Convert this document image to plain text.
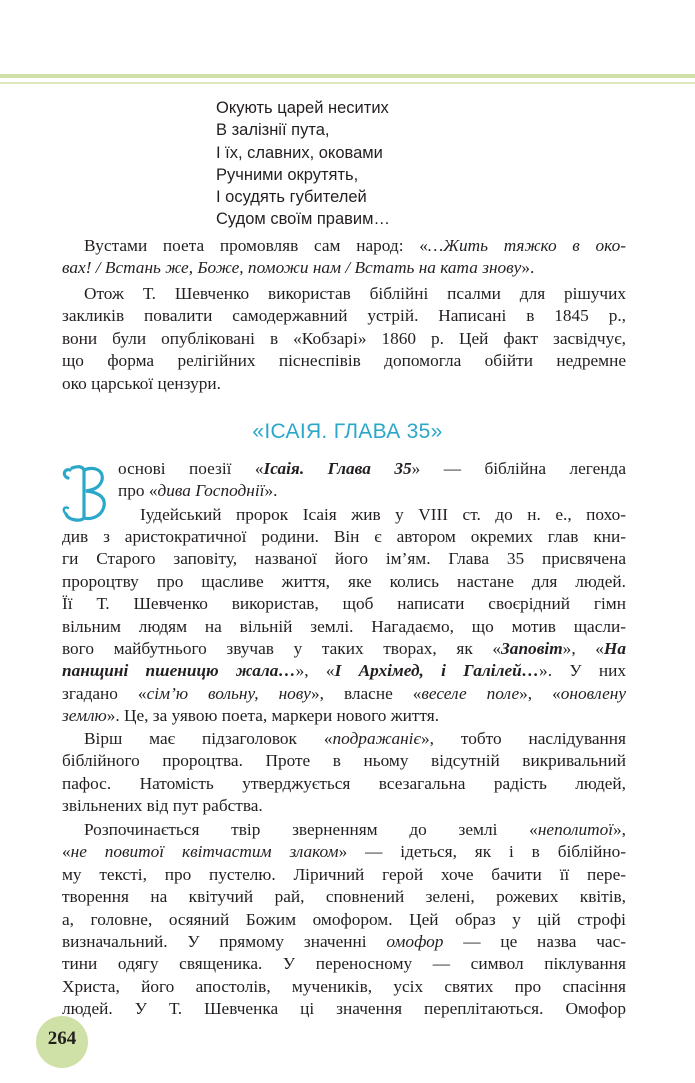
Окують царей неситих
В залізнії пута,
І їх, славних, оковами
Ручними окрутять,
І осудять губителей
Судом своїм правим…
Вустами поета промовляв сам народ: «…Жить тяжко в око-
вах! / Встань же, Боже, поможи нам / Встать на ката знову».
Отож Т. Шевченко використав біблійні псалми для рішучих
закликів повалити самодержавний устрій. Написані в 1845 р.,
вони були опубліковані в «Кобзарі» 1860 р. Цей факт засвідчує,
що форма релігійних піснеспівів допомогла обійти недремне
око царської цензури.
«ІСАІЯ. ГЛАВА 35»
В	основі поезії «Ісаія. Глава 35» — біблійна легенда
про «дива Господнії».
Іудейський пророк Ісаія жив у VIII ст. до н. е., похо-
див з аристократичної родини. Він є автором окремих глав кни-
ги Старого заповіту, названої його ім’ям. Глава 35 присвячена
пророцтву про щасливе життя, яке колись настане для людей.
Її Т. Шевченко використав, щоб написати своєрідний гімн
вільним людям на вільній землі. Нагадаємо, що мотив щасли-
вого майбутнього звучав у таких творах, як «Заповіт», «На
панщині пшеницю жала…», «І Архімед, і Галілей…». У них
згадано «сім’ю вольну, нову», власне «веселе поле», «оновлену
землю». Це, за уявою поета, маркери нового життя.
Вірш має підзаголовок «подражаніє», тобто наслідування
біблійного пророцтва. Проте в ньому відсутній викривальний
пафос. Натомість утверджується всезагальна радість людей,
звільнених від пут рабства.
Розпочинається твір зверненням до землі «неполитої»,
«не повитої квітчастим злаком» — ідеться, як і в біблійно-
му тексті, про пустелю. Ліричний герой хоче бачити її пере-
творення на квітучий рай, сповнений зелені, рожевих квітів,
а, головне, осяяний Божим омофором. Цей образ у цій строфі
визначальний. У прямому значенні омофор — це назва час-
тини одягу священика. У переносному — символ піклування
Христа, його апостолів, мучеників, усіх святих про спасіння
людей. У Т. Шевченка ці значення переплітаються. Омофор
264
